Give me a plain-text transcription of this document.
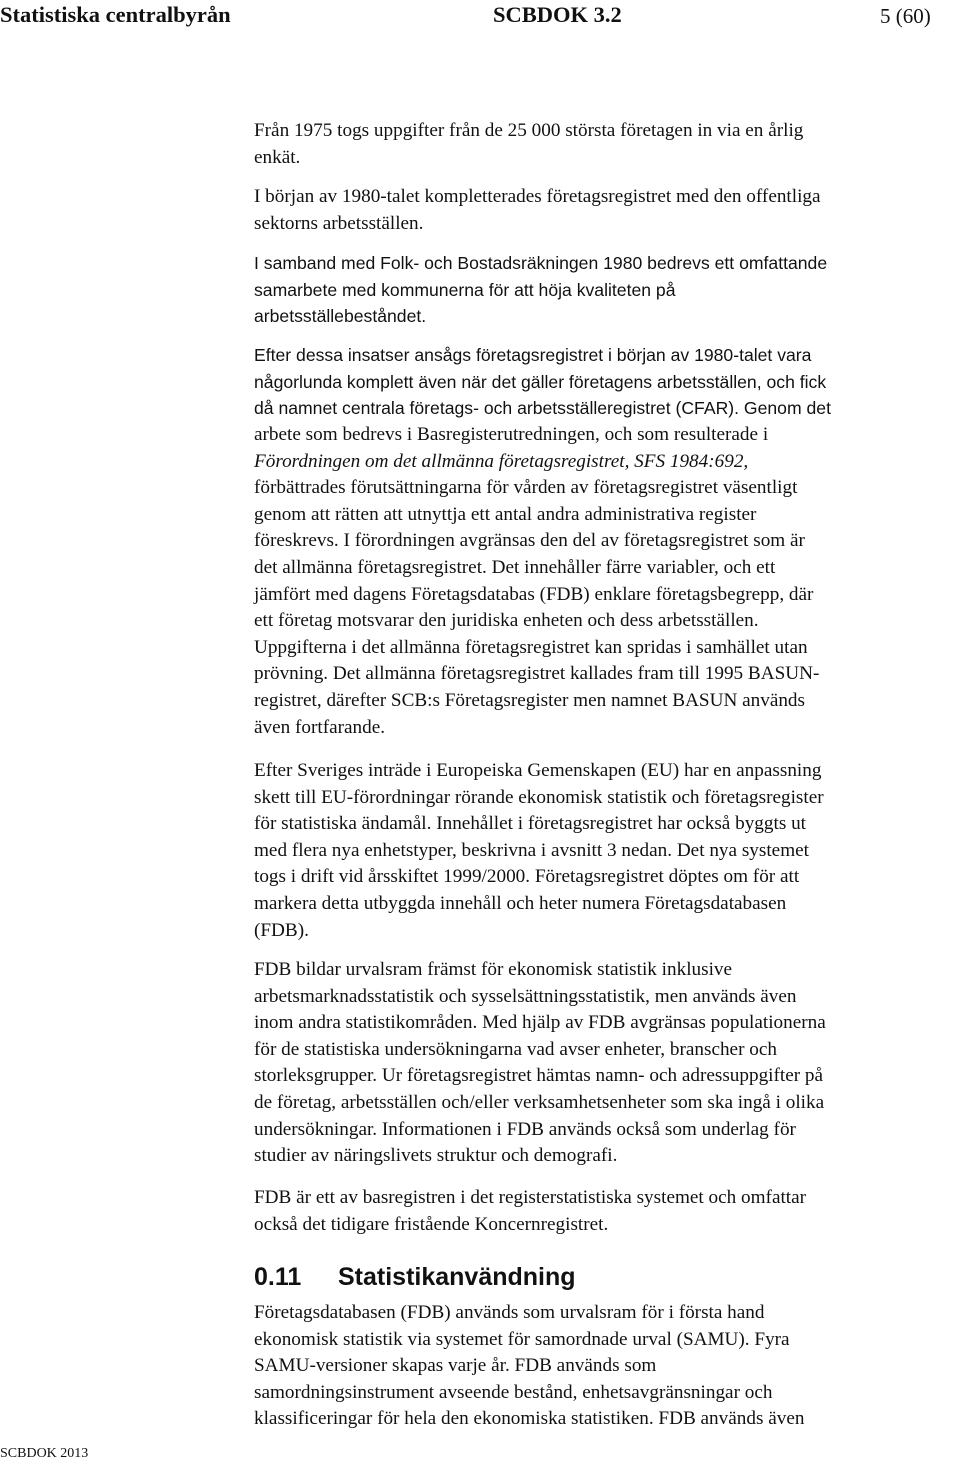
Statistiska centralbyrån	SCBDOK 3.2	5 (60)
Från 1975 togs uppgifter från de 25 000 största företagen in via en årlig
enkät.
I början av 1980-talet kompletterades företagsregistret med den offentliga
sektorns arbetsställen.
I samband med Folk- och Bostadsräkningen 1980 bedrevs ett omfattande
samarbete med kommunerna för att höja kvaliteten på
arbetsställebeståndet.
Efter dessa insatser ansågs företagsregistret i början av 1980-talet vara
någorlunda komplett även när det gäller företagens arbetsställen, och fick
då namnet centrala företags- och arbetsställeregistret (CFAR). Genom det
arbete som bedrevs i Basregisterutredningen, och som resulterade i
Förordningen om det allmänna företagsregistret, SFS 1984:692,
förbättrades förutsättningarna för vården av företagsregistret väsentligt
genom att rätten att utnyttja ett antal andra administrativa register
föreskrevs. I förordningen avgränsas den del av företagsregistret som är
det allmänna företagsregistret. Det innehåller färre variabler, och ett
jämfört med dagens Företagsdatabas (FDB) enklare företagsbegrepp, där
ett företag motsvarar den juridiska enheten och dess arbetsställen.
Uppgifterna i det allmänna företagsregistret kan spridas i samhället utan
prövning. Det allmänna företagsregistret kallades fram till 1995 BASUN-
registret, därefter SCB:s Företagsregister men namnet BASUN används
även fortfarande.
Efter Sveriges inträde i Europeiska Gemenskapen (EU) har en anpassning
skett till EU-förordningar rörande ekonomisk statistik och företagsregister
för statistiska ändamål. Innehållet i företagsregistret har också byggts ut
med flera nya enhetstyper, beskrivna i avsnitt 3 nedan. Det nya systemet
togs i drift vid årsskiftet 1999/2000. Företagsregistret döptes om för att
markera detta utbyggda innehåll och heter numera Företagsdatabasen
(FDB).
FDB bildar urvalsram främst för ekonomisk statistik inklusive
arbetsmarknadsstatistik och sysselsättningsstatistik, men används även
inom andra statistikområden. Med hjälp av FDB avgränsas populationerna
för de statistiska undersökningarna vad avser enheter, branscher och
storleksgrupper. Ur företagsregistret hämtas namn- och adressuppgifter på
de företag, arbetsställen och/eller verksamhetsenheter som ska ingå i olika
undersökningar. Informationen i FDB används också som underlag för
studier av näringslivets struktur och demografi.
FDB är ett av basregistren i det registerstatistiska systemet och omfattar
också det tidigare fristående Koncernregistret.
0.11 Statistikanvändning
Företagsdatabasen (FDB) används som urvalsram för i första hand
ekonomisk statistik via systemet för samordnade urval (SAMU). Fyra
SAMU-versioner skapas varje år. FDB används som
samordningsinstrument avseende bestånd, enhetsavgränsningar och
klassificeringar för hela den ekonomiska statistiken. FDB används även
SCBDOK 2013
